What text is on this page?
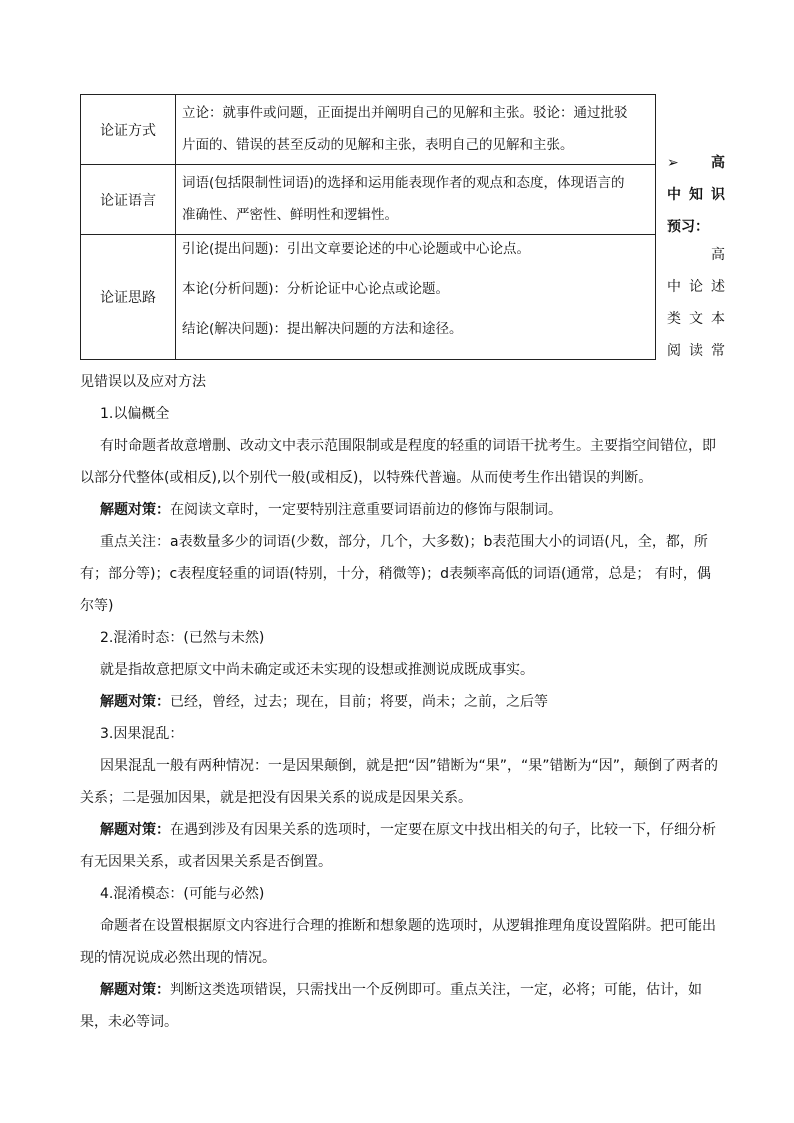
论证方式	立论：就事件或问题，正面提出并阐明自己的见解和主张。驳论：通过批驳

片面的、错误的甚至反动的见解和主张，表明自己的见解和主张。

论证语言	词语(包括限制性词语)的选择和运用能表现作者的观点和态度，体现语言的

准确性、严密性、鲜明性和逻辑性。

论证思路	引论(提出问题)：引出文章要论述的中心论题或中心论点。

本论(分析问题)：分析论证中心论点或论题。

结论(解决问题)：提出解决问题的方法和途径。

➢ 高
中 知 识
预习：
高
中 论 述
类 文 本
阅 读 常

见错误以及应对方法

1.以偏概全

有时命题者故意增删、改动文中表示范围限制或是程度的轻重的词语干扰考生。主要指空间错位，即以部分代整体(或相反),以个别代一般(或相反)，以特殊代普遍。从而使考生作出错误的判断。

解题对策：在阅读文章时，一定要特别注意重要词语前边的修饰与限制词。

重点关注：a表数量多少的词语(少数，部分，几个，大多数)；b表范围大小的词语(凡，全，都，所有；部分等)；c表程度轻重的词语(特别，十分，稍微等)；d表频率高低的词语(通常，总是； 有时，偶尔等)

2.混淆时态：(已然与未然)

就是指故意把原文中尚未确定或还未实现的设想或推测说成既成事实。

解题对策：已经，曾经，过去；现在，目前；将要，尚未；之前，之后等

3.因果混乱：

因果混乱一般有两种情况：一是因果颠倒，就是把“因”错断为“果”，“果”错断为“因”，颠倒了两者的关系；二是强加因果，就是把没有因果关系的说成是因果关系。

解题对策：在遇到涉及有因果关系的选项时，一定要在原文中找出相关的句子，比较一下，仔细分析有无因果关系，或者因果关系是否倒置。

4.混淆模态：(可能与必然)

命题者在设置根据原文内容进行合理的推断和想象题的选项时，从逻辑推理角度设置陷阱。把可能出现的情况说成必然出现的情况。

解题对策：判断这类选项错误，只需找出一个反例即可。重点关注，一定，必将；可能，估计，如果，未必等词。
